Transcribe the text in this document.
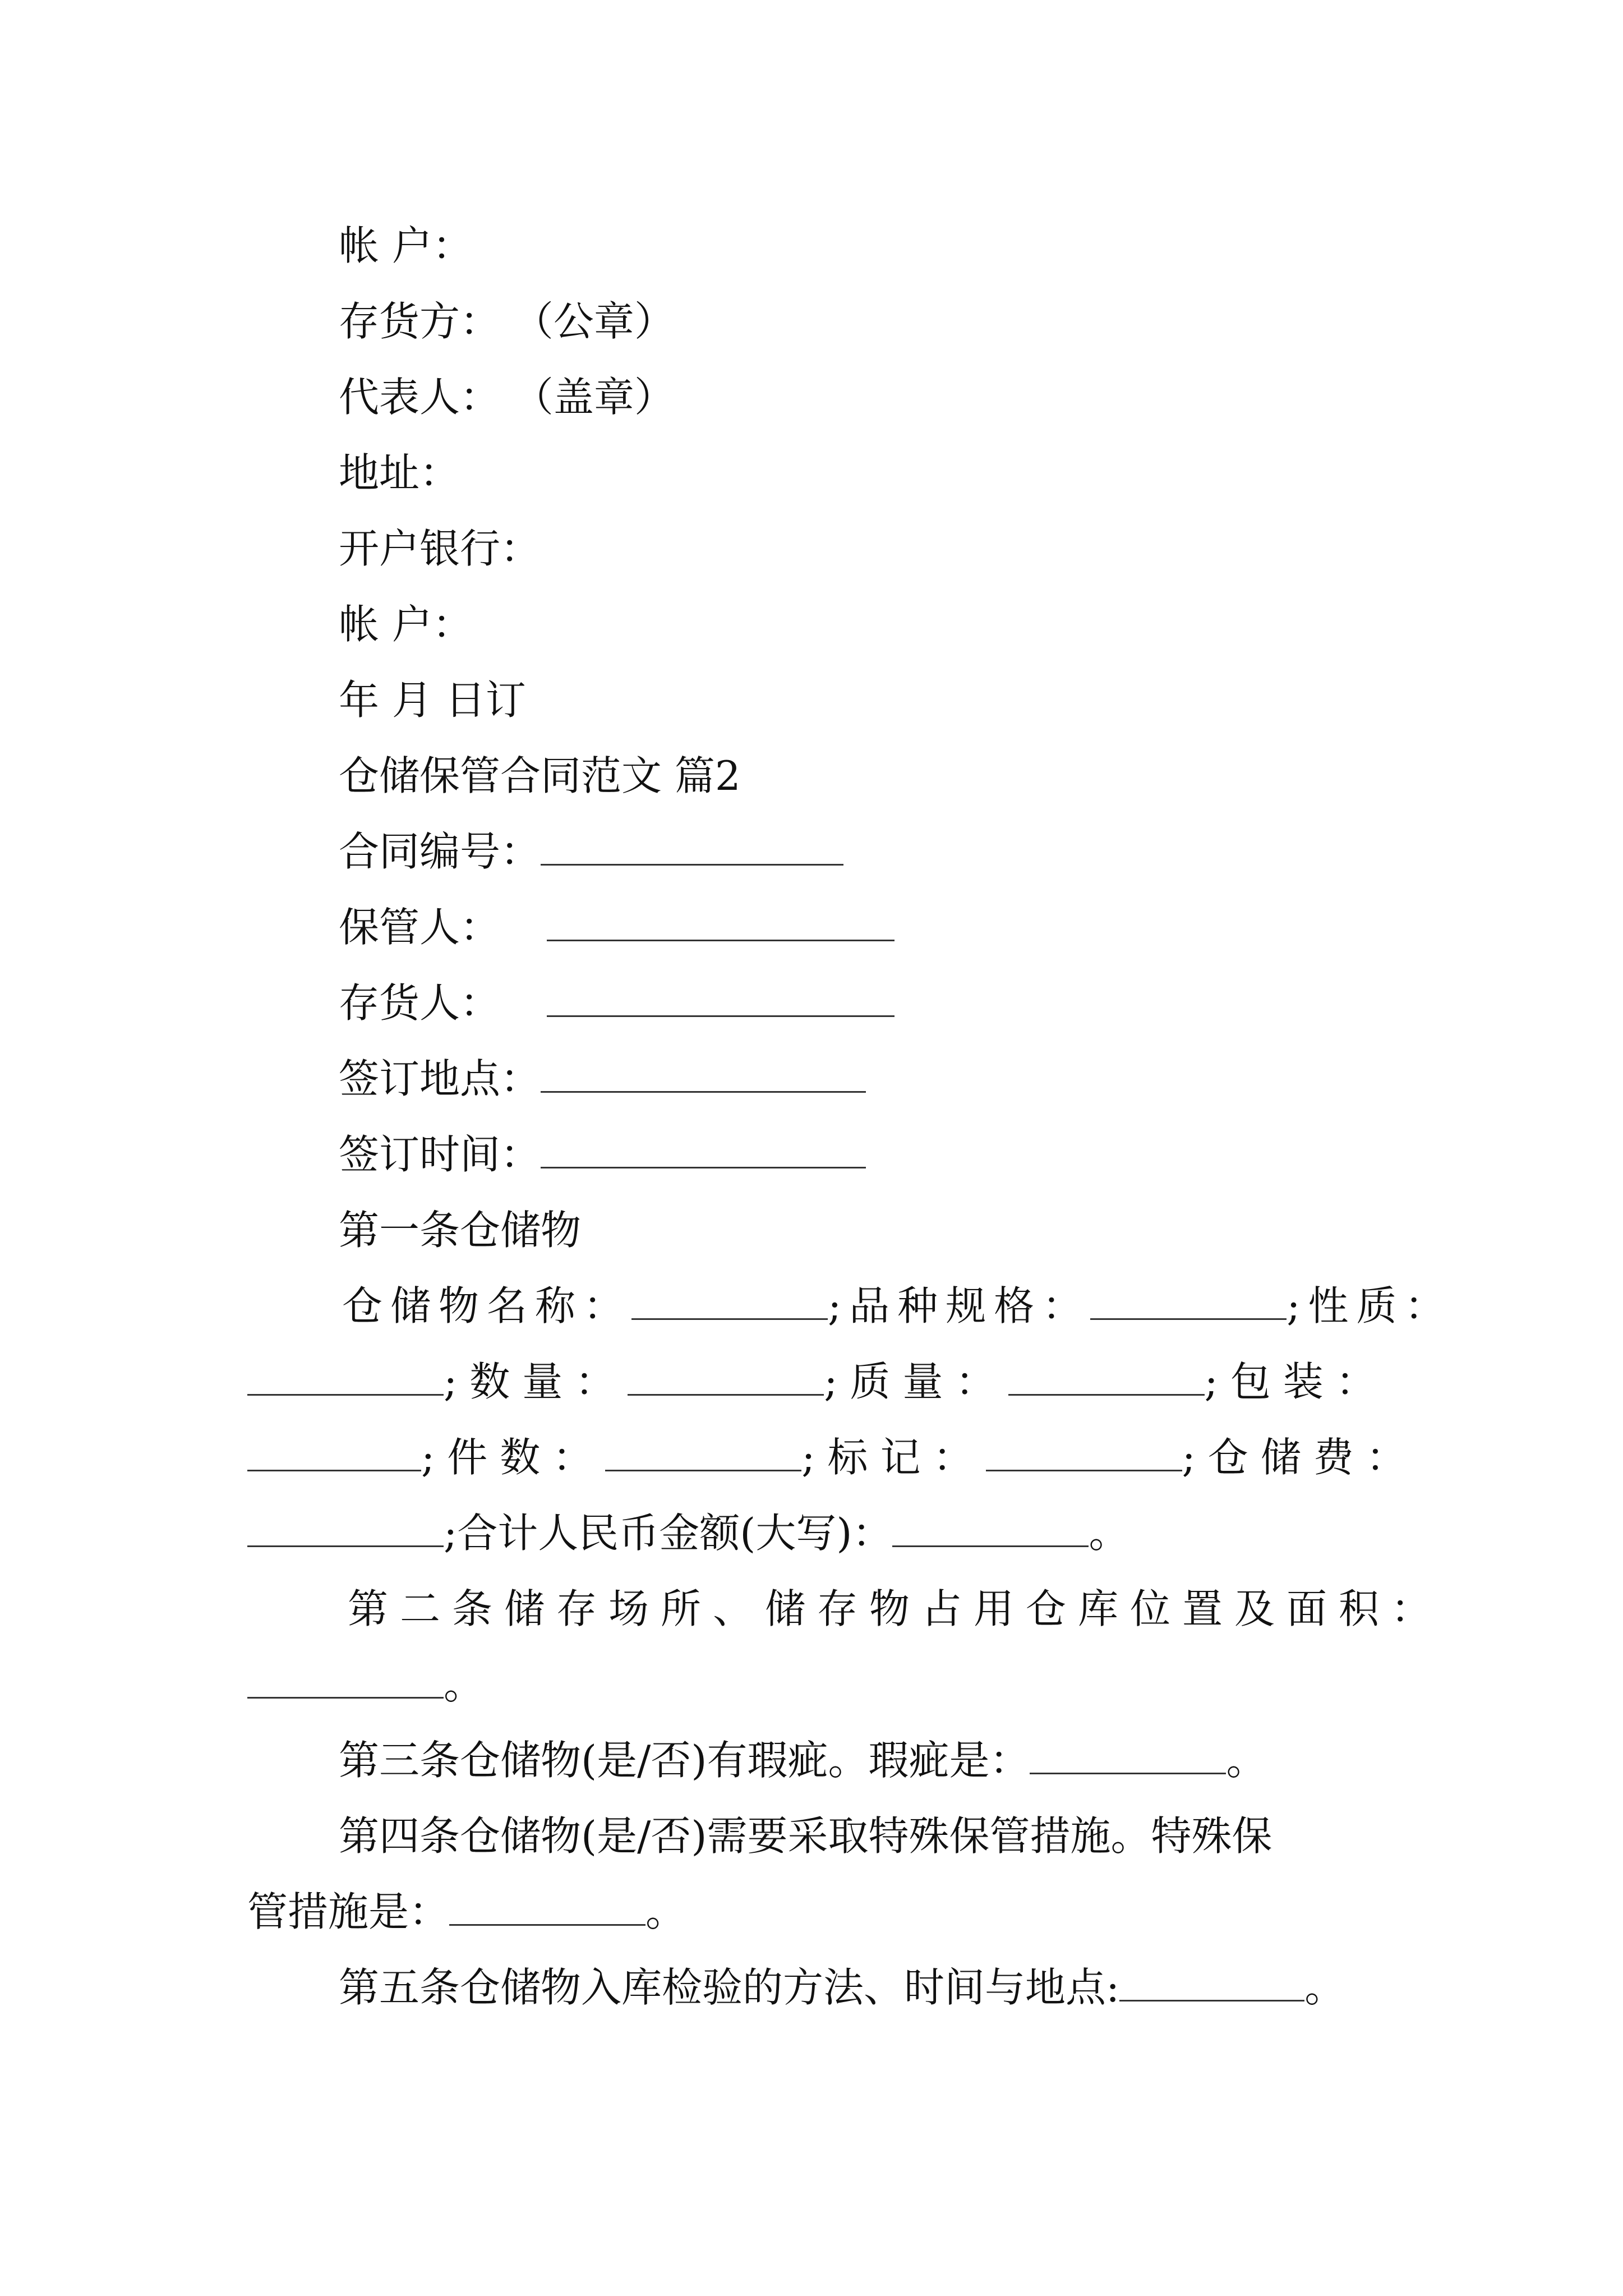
帐 户：
存货方： （公章）
代表人： （盖章）
地址：
开户银行：
帐 户：
年 月 日订
仓储保管合同范文 篇2
合同编号：
保管人：
存货人：
签订地点：
签订时间：
第一条仓储物
仓储物名称：	;品种规格：	;性质：
;数量：	;质量：	;包装：
;件数：	;标记：	;仓储费：
;合计人民币金额(大写)：	。
第二条储存场所、储存物占用仓库位置及面积：
。
第三条仓储物(是/否)有瑕疵。瑕疵是：	。
第四条仓储物(是/否)需要采取特殊保管措施。特殊保
管措施是：	。
第五条仓储物入库检验的方法、时间与地点:	。
